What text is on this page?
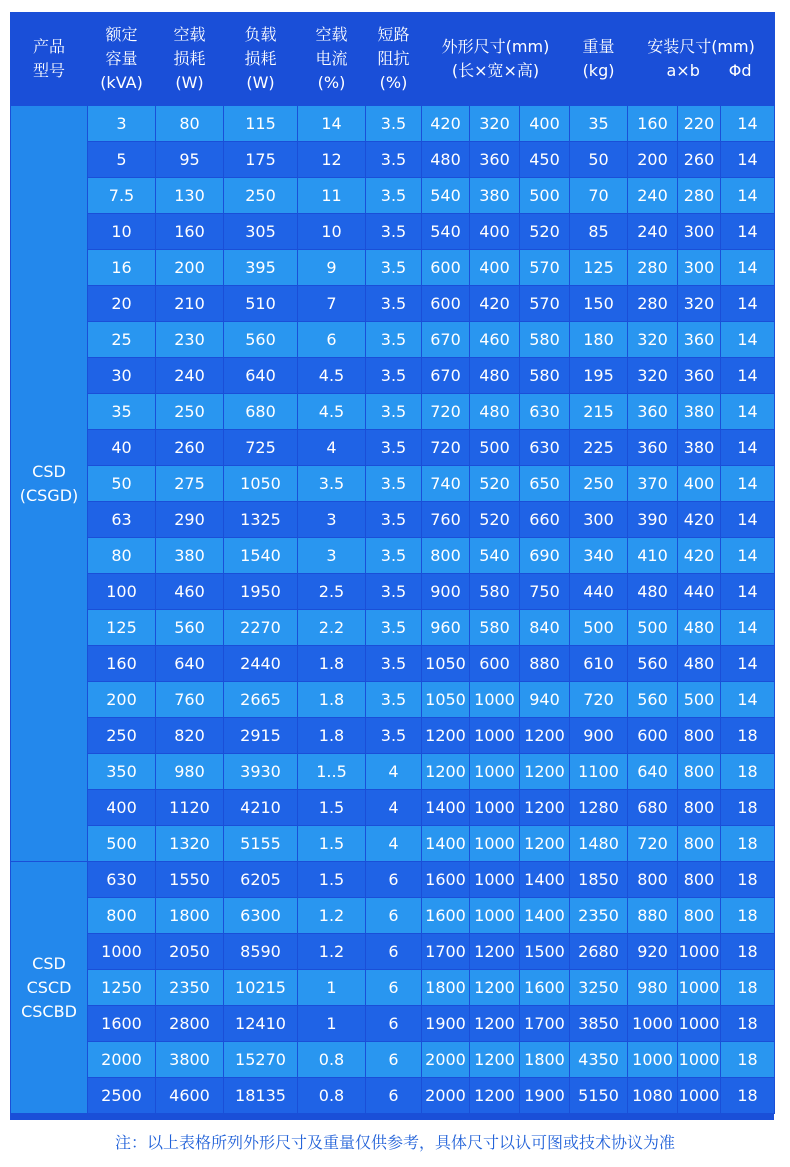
产品
型号	额定
容量
(kVA)	空载
损耗
(W)	负载
损耗
(W)	空载
电流
(%)	短路
阻抗
(%)	外形尺寸(mm)
(长×宽×高)			重量
(kg)	安装尺寸(mm)
a×b Φd		

CSD
(CSGD)	3	80	115	14	3.5	420	320	400	35	160	220	14
	5	95	175	12	3.5	480	360	450	50	200	260	14
	7.5	130	250	11	3.5	540	380	500	70	240	280	14
	10	160	305	10	3.5	540	400	520	85	240	300	14
	16	200	395	9	3.5	600	400	570	125	280	300	14
	20	210	510	7	3.5	600	420	570	150	280	320	14
	25	230	560	6	3.5	670	460	580	180	320	360	14
	30	240	640	4.5	3.5	670	480	580	195	320	360	14
	35	250	680	4.5	3.5	720	480	630	215	360	380	14
	40	260	725	4	3.5	720	500	630	225	360	380	14
	50	275	1050	3.5	3.5	740	520	650	250	370	400	14
	63	290	1325	3	3.5	760	520	660	300	390	420	14
	80	380	1540	3	3.5	800	540	690	340	410	420	14
	100	460	1950	2.5	3.5	900	580	750	440	480	440	14
	125	560	2270	2.2	3.5	960	580	840	500	500	480	14
	160	640	2440	1.8	3.5	1050	600	880	610	560	480	14
	200	760	2665	1.8	3.5	1050	1000	940	720	560	500	14
	250	820	2915	1.8	3.5	1200	1000	1200	900	600	800	18
	350	980	3930	1..5	4	1200	1000	1200	1100	640	800	18
	400	1120	4210	1.5	4	1400	1000	1200	1280	680	800	18
	500	1320	5155	1.5	4	1400	1000	1200	1480	720	800	18

CSD
CSCD
CSCBD	630	1550	6205	1.5	6	1600	1000	1400	1850	800	800	18
	800	1800	6300	1.2	6	1600	1000	1400	2350	880	800	18
	1000	2050	8590	1.2	6	1700	1200	1500	2680	920	1000	18
	1250	2350	10215	1	6	1800	1200	1600	3250	980	1000	18
	1600	2800	12410	1	6	1900	1200	1700	3850	1000	1000	18
	2000	3800	15270	0.8	6	2000	1200	1800	4350	1000	1000	18
	2500	4600	18135	0.8	6	2000	1200	1900	5150	1080	1000	18
注：以上表格所列外形尺寸及重量仅供参考，具体尺寸以认可图或技术协议为准
